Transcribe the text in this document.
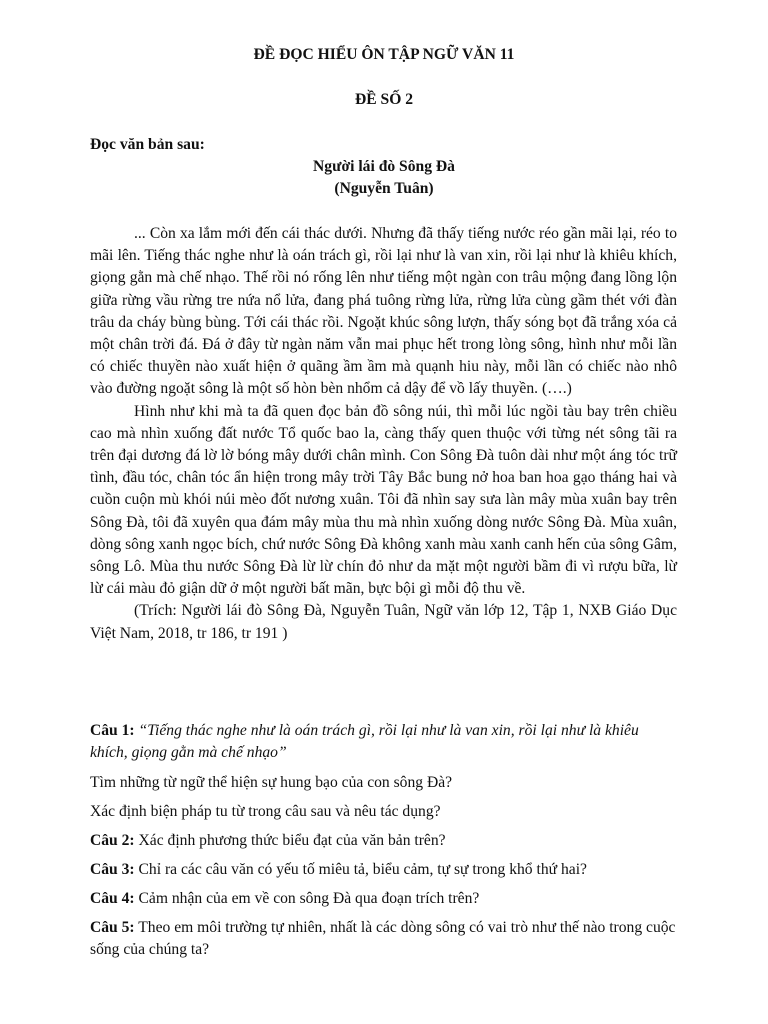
ĐỀ ĐỌC HIỂU ÔN TẬP NGỮ VĂN 11
ĐỀ SỐ 2
Đọc văn bản sau:
Người lái đò Sông Đà
(Nguyễn Tuân)

... Còn xa lắm mới đến cái thác dưới. Nhưng đã thấy tiếng nước réo gần mãi lại, réo to mãi lên. Tiếng thác nghe như là oán trách gì, rồi lại như là van xin, rồi lại như là khiêu khích, giọng gằn mà chế nhạo. Thế rồi nó rống lên như tiếng một ngàn con trâu mộng đang lồng lộn giữa rừng vầu rừng tre nứa nổ lửa, đang phá tuông rừng lửa, rừng lửa cùng gầm thét với đàn trâu da cháy bùng bùng. Tới cái thác rồi. Ngoặt khúc sông lượn, thấy sóng bọt đã trắng xóa cả một chân trời đá. Đá ở đây từ ngàn năm vẫn mai phục hết trong lòng sông, hình như mỗi lần có chiếc thuyền nào xuất hiện ở quãng ầm ầm mà quạnh hiu này, mỗi lần có chiếc nào nhô vào đường ngoặt sông là một số hòn bèn nhổm cả dậy để vồ lấy thuyền. (….)

Hình như khi mà ta đã quen đọc bản đồ sông núi, thì mỗi lúc ngồi tàu bay trên chiều cao mà nhìn xuống đất nước Tổ quốc bao la, càng thấy quen thuộc với từng nét sông tãi ra trên đại dương đá lờ lờ bóng mây dưới chân mình. Con Sông Đà tuôn dài như một áng tóc trữ tình, đầu tóc, chân tóc ẩn hiện trong mây trời Tây Bắc bung nở hoa ban hoa gạo tháng hai và cuồn cuộn mù khói núi mèo đốt nương xuân. Tôi đã nhìn say sưa làn mây mùa xuân bay trên Sông Đà, tôi đã xuyên qua đám mây mùa thu mà nhìn xuống dòng nước Sông Đà. Mùa xuân, dòng sông xanh ngọc bích, chứ nước Sông Đà không xanh màu xanh canh hến của sông Gâm, sông Lô. Mùa thu nước Sông Đà lừ lừ chín đỏ như da mặt một người bầm đi vì rượu bữa, lừ lừ cái màu đỏ giận dữ ở một người bất mãn, bực bội gì mỗi độ thu về.

(Trích: Người lái đò Sông Đà, Nguyễn Tuân, Ngữ văn lớp 12, Tập 1, NXB Giáo Dục Việt Nam, 2018, tr 186, tr 191 )

Câu 1: “Tiếng thác nghe như là oán trách gì, rồi lại như là van xin, rồi lại như là khiêu khích, giọng gằn mà chế nhạo”
Tìm những từ ngữ thể hiện sự hung bạo của con sông Đà?
Xác định biện pháp tu từ trong câu sau và nêu tác dụng?
Câu 2: Xác định phương thức biểu đạt của văn bản trên?
Câu 3: Chỉ ra các câu văn có yếu tố miêu tả, biểu cảm, tự sự trong khổ thứ hai?
Câu 4: Cảm nhận của em về con sông Đà qua đoạn trích trên?
Câu 5: Theo em môi trường tự nhiên, nhất là các dòng sông có vai trò như thế nào trong cuộc sống của chúng ta?
